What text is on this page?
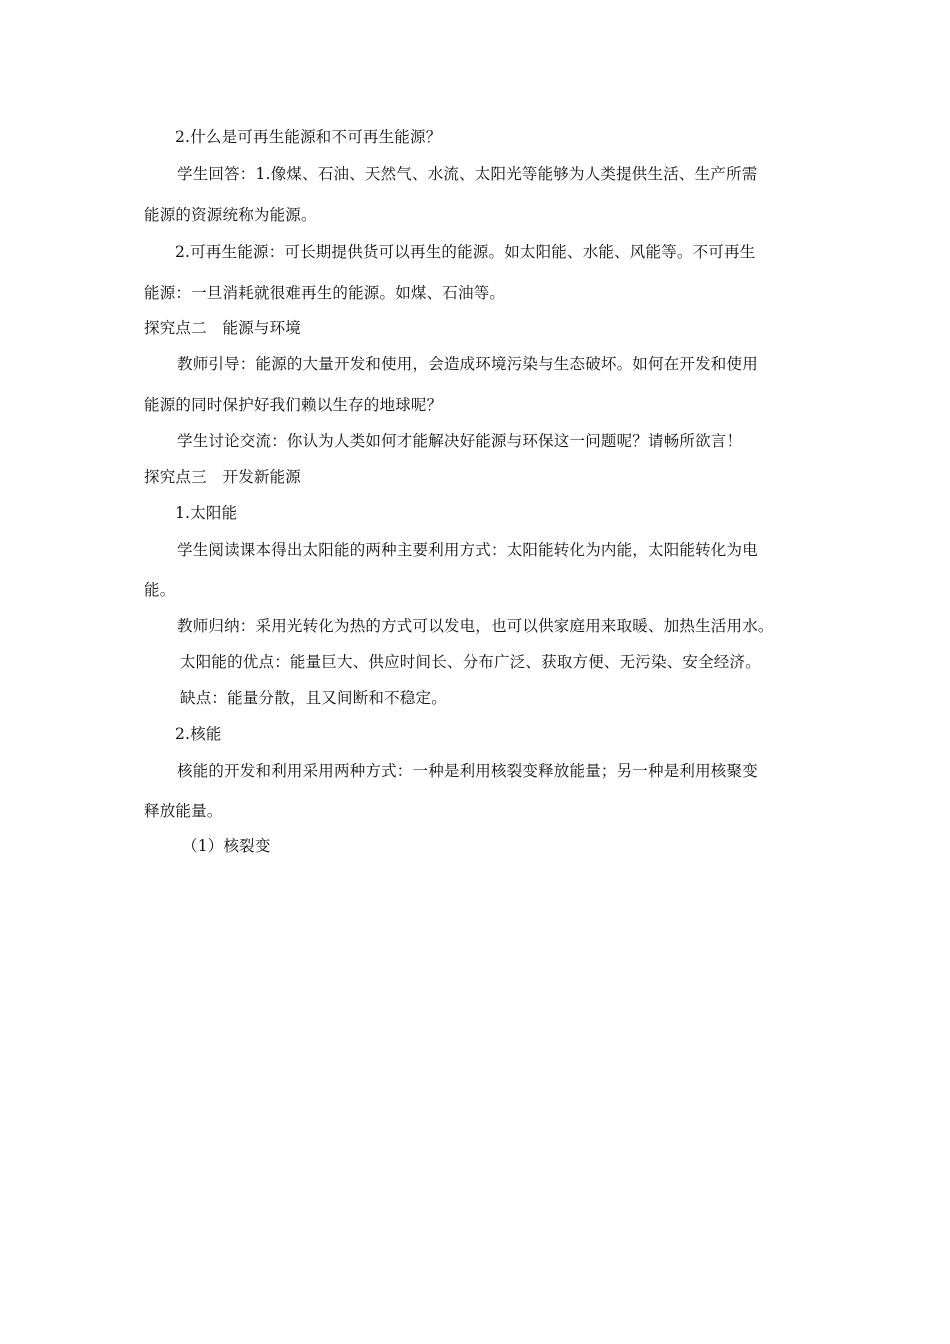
2.什么是可再生能源和不可再生能源？
学生回答：1.像煤、石油、天然气、水流、太阳光等能够为人类提供生活、生产所需
能源的资源统称为能源。
2.可再生能源：可长期提供货可以再生的能源。如太阳能、水能、风能等。不可再生
能源：一旦消耗就很难再生的能源。如煤、石油等。
探究点二　能源与环境
教师引导：能源的大量开发和使用，会造成环境污染与生态破坏。如何在开发和使用
能源的同时保护好我们赖以生存的地球呢？
学生讨论交流：你认为人类如何才能解决好能源与环保这一问题呢？请畅所欲言！
探究点三　开发新能源
1.太阳能
学生阅读课本得出太阳能的两种主要利用方式：太阳能转化为内能，太阳能转化为电
能。
教师归纳：采用光转化为热的方式可以发电，也可以供家庭用来取暖、加热生活用水。
太阳能的优点：能量巨大、供应时间长、分布广泛、获取方便、无污染、安全经济。
缺点：能量分散，且又间断和不稳定。
2.核能
核能的开发和利用采用两种方式：一种是利用核裂变释放能量；另一种是利用核聚变
释放能量。
（1）核裂变
